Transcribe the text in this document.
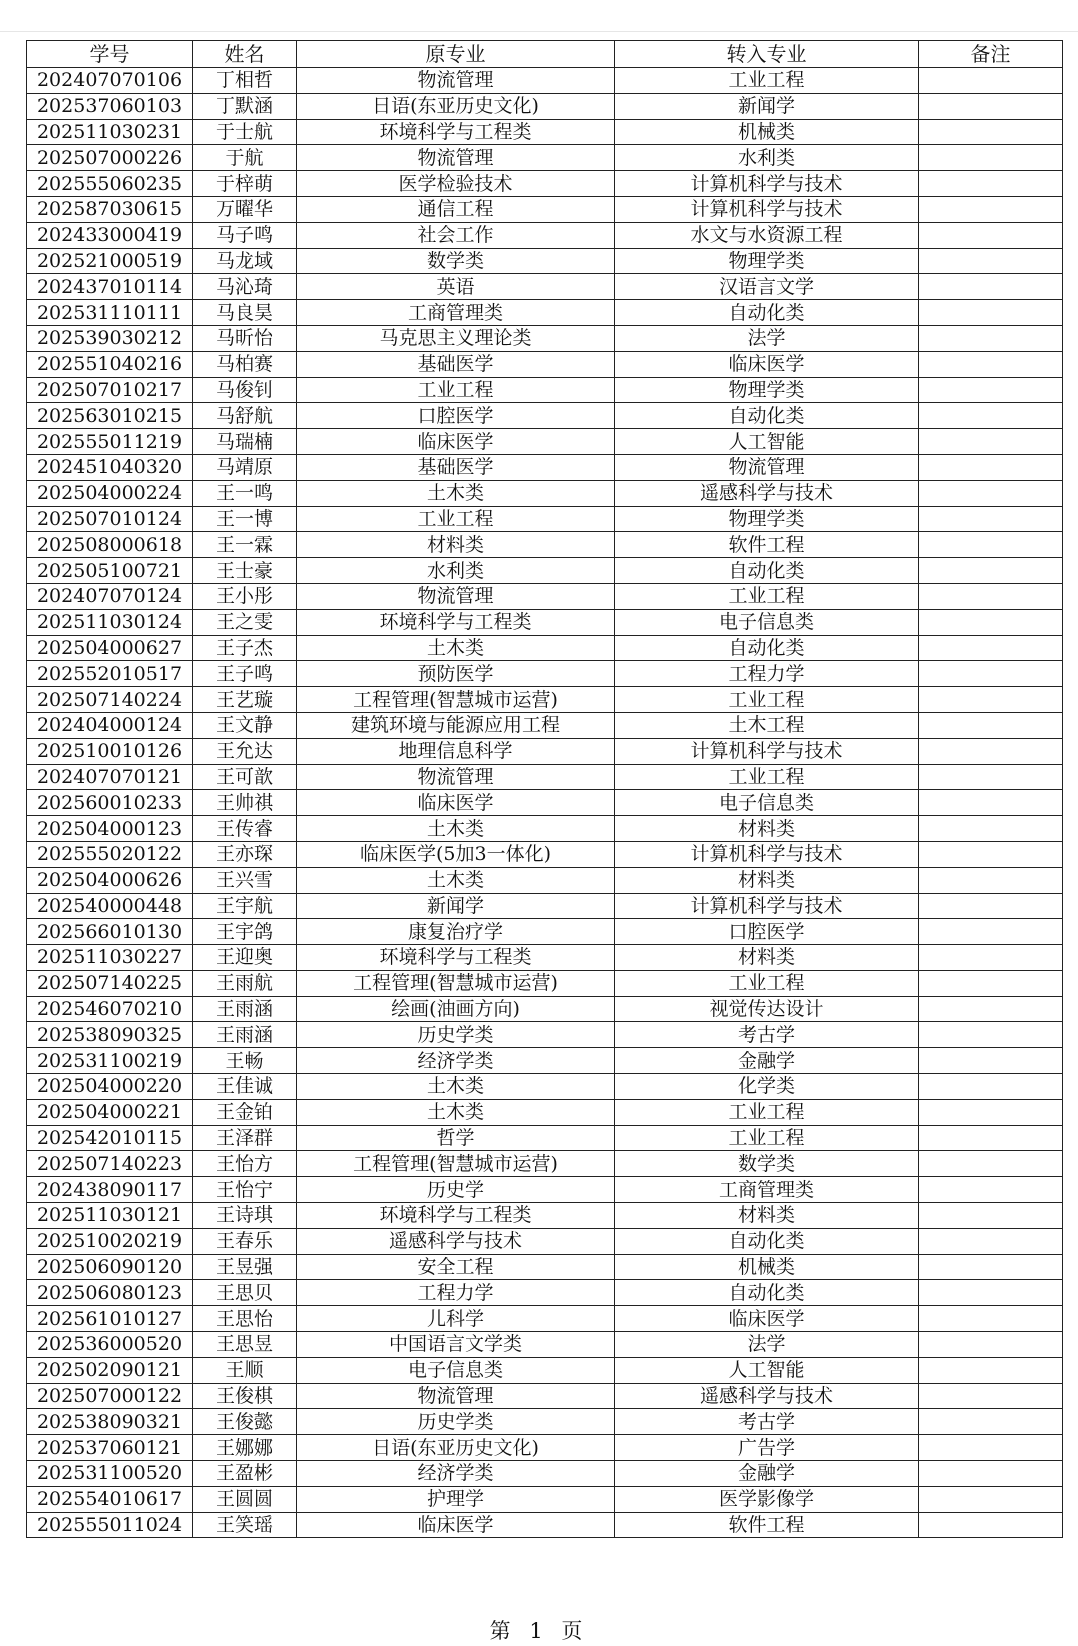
学号	姓名	原专业	转入专业	备注
202407070106	丁相哲	物流管理	工业工程	
202537060103	丁默涵	日语(东亚历史文化)	新闻学	
202511030231	于士航	环境科学与工程类	机械类	
202507000226	于航	物流管理	水利类	
202555060235	于梓萌	医学检验技术	计算机科学与技术	
202587030615	万曜华	通信工程	计算机科学与技术	
202433000419	马子鸣	社会工作	水文与水资源工程	
202521000519	马龙域	数学类	物理学类	
202437010114	马沁琦	英语	汉语言文学	
202531110111	马良昊	工商管理类	自动化类	
202539030212	马昕怡	马克思主义理论类	法学	
202551040216	马柏赛	基础医学	临床医学	
202507010217	马俊钊	工业工程	物理学类	
202563010215	马舒航	口腔医学	自动化类	
202555011219	马瑞楠	临床医学	人工智能	
202451040320	马靖原	基础医学	物流管理	
202504000224	王一鸣	土木类	遥感科学与技术	
202507010124	王一博	工业工程	物理学类	
202508000618	王一霖	材料类	软件工程	
202505100721	王士豪	水利类	自动化类	
202407070124	王小彤	物流管理	工业工程	
202511030124	王之雯	环境科学与工程类	电子信息类	
202504000627	王子杰	土木类	自动化类	
202552010517	王子鸣	预防医学	工程力学	
202507140224	王艺璇	工程管理(智慧城市运营)	工业工程	
202404000124	王文静	建筑环境与能源应用工程	土木工程	
202510010126	王允达	地理信息科学	计算机科学与技术	
202407070121	王可歆	物流管理	工业工程	
202560010233	王帅祺	临床医学	电子信息类	
202504000123	王传睿	土木类	材料类	
202555020122	王亦琛	临床医学(5加3一体化)	计算机科学与技术	
202504000626	王兴雪	土木类	材料类	
202540000448	王宇航	新闻学	计算机科学与技术	
202566010130	王宇鸽	康复治疗学	口腔医学	
202511030227	王迎奥	环境科学与工程类	材料类	
202507140225	王雨航	工程管理(智慧城市运营)	工业工程	
202546070210	王雨涵	绘画(油画方向)	视觉传达设计	
202538090325	王雨涵	历史学类	考古学	
202531100219	王畅	经济学类	金融学	
202504000220	王佳诚	土木类	化学类	
202504000221	王金铂	土木类	工业工程	
202542010115	王泽群	哲学	工业工程	
202507140223	王怡方	工程管理(智慧城市运营)	数学类	
202438090117	王怡宁	历史学	工商管理类	
202511030121	王诗琪	环境科学与工程类	材料类	
202510020219	王春乐	遥感科学与技术	自动化类	
202506090120	王昱强	安全工程	机械类	
202506080123	王思贝	工程力学	自动化类	
202561010127	王思怡	儿科学	临床医学	
202536000520	王思昱	中国语言文学类	法学	
202502090121	王顺	电子信息类	人工智能	
202507000122	王俊棋	物流管理	遥感科学与技术	
202538090321	王俊懿	历史学类	考古学	
202537060121	王娜娜	日语(东亚历史文化)	广告学	
202531100520	王盈彬	经济学类	金融学	
202554010617	王圆圆	护理学	医学影像学	
202555011024	王笑瑶	临床医学	软件工程	
第 1 页
